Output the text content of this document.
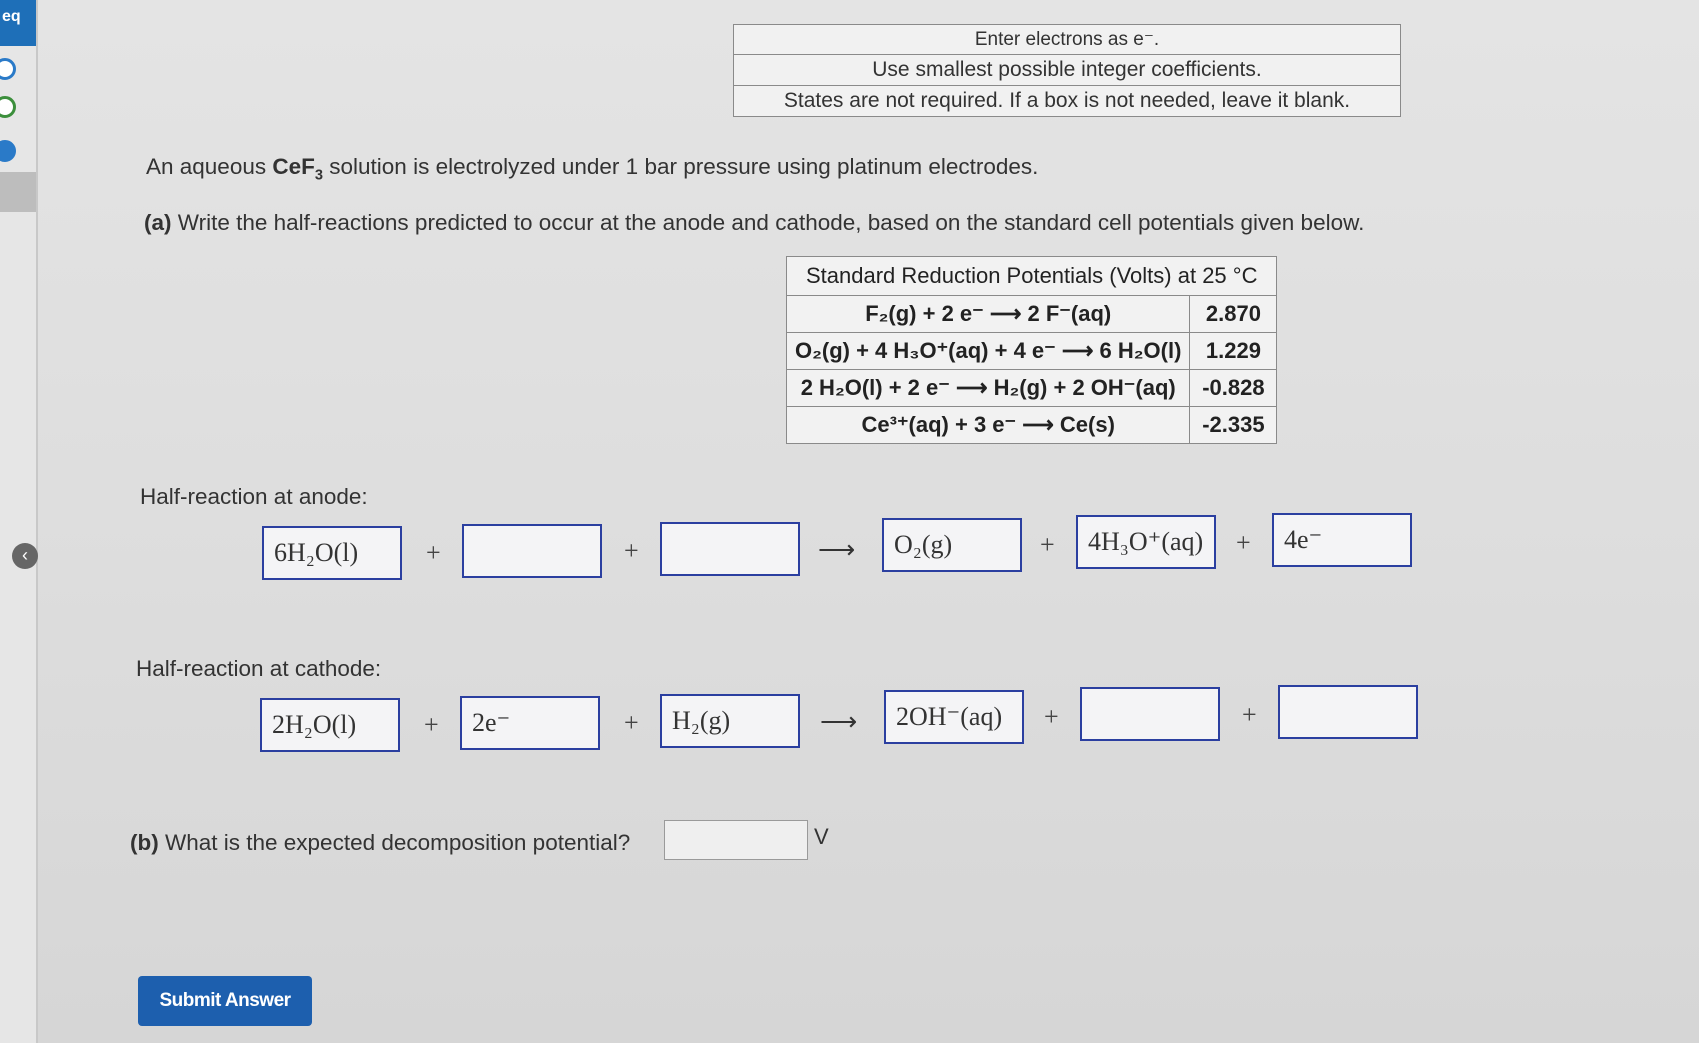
eq
‹
Enter electrons as e⁻.
Use smallest possible integer coefficients.
States are not required. If a box is not needed, leave it blank.
An aqueous CeF$_3$ solution is electrolyzed under 1 bar pressure using platinum electrodes.
(a) Write the half-reactions predicted to occur at the anode and cathode, based on the standard cell potentials given below.
Standard Reduction Potentials (Volts) at 25 °C	
F₂(g) + 2 e⁻ ⟶ 2 F⁻(aq)	2.870
O₂(g) + 4 H₃O⁺(aq) + 4 e⁻ ⟶ 6 H₂O(l)	1.229
2 H₂O(l) + 2 e⁻ ⟶ H₂(g) + 2 OH⁻(aq)	-0.828
Ce³⁺(aq) + 3 e⁻ ⟶ Ce(s)	-2.335
Half-reaction at anode:
6H₂O(l)	+	+	⟶	O₂(g)	+	4H₃O⁺(aq)	+	4e⁻
Half-reaction at cathode:
2H₂O(l)	+	2e⁻	+	H₂(g)	⟶	2OH⁻(aq)	+	+
(b) What is the expected decomposition potential?	V
Submit Answer
